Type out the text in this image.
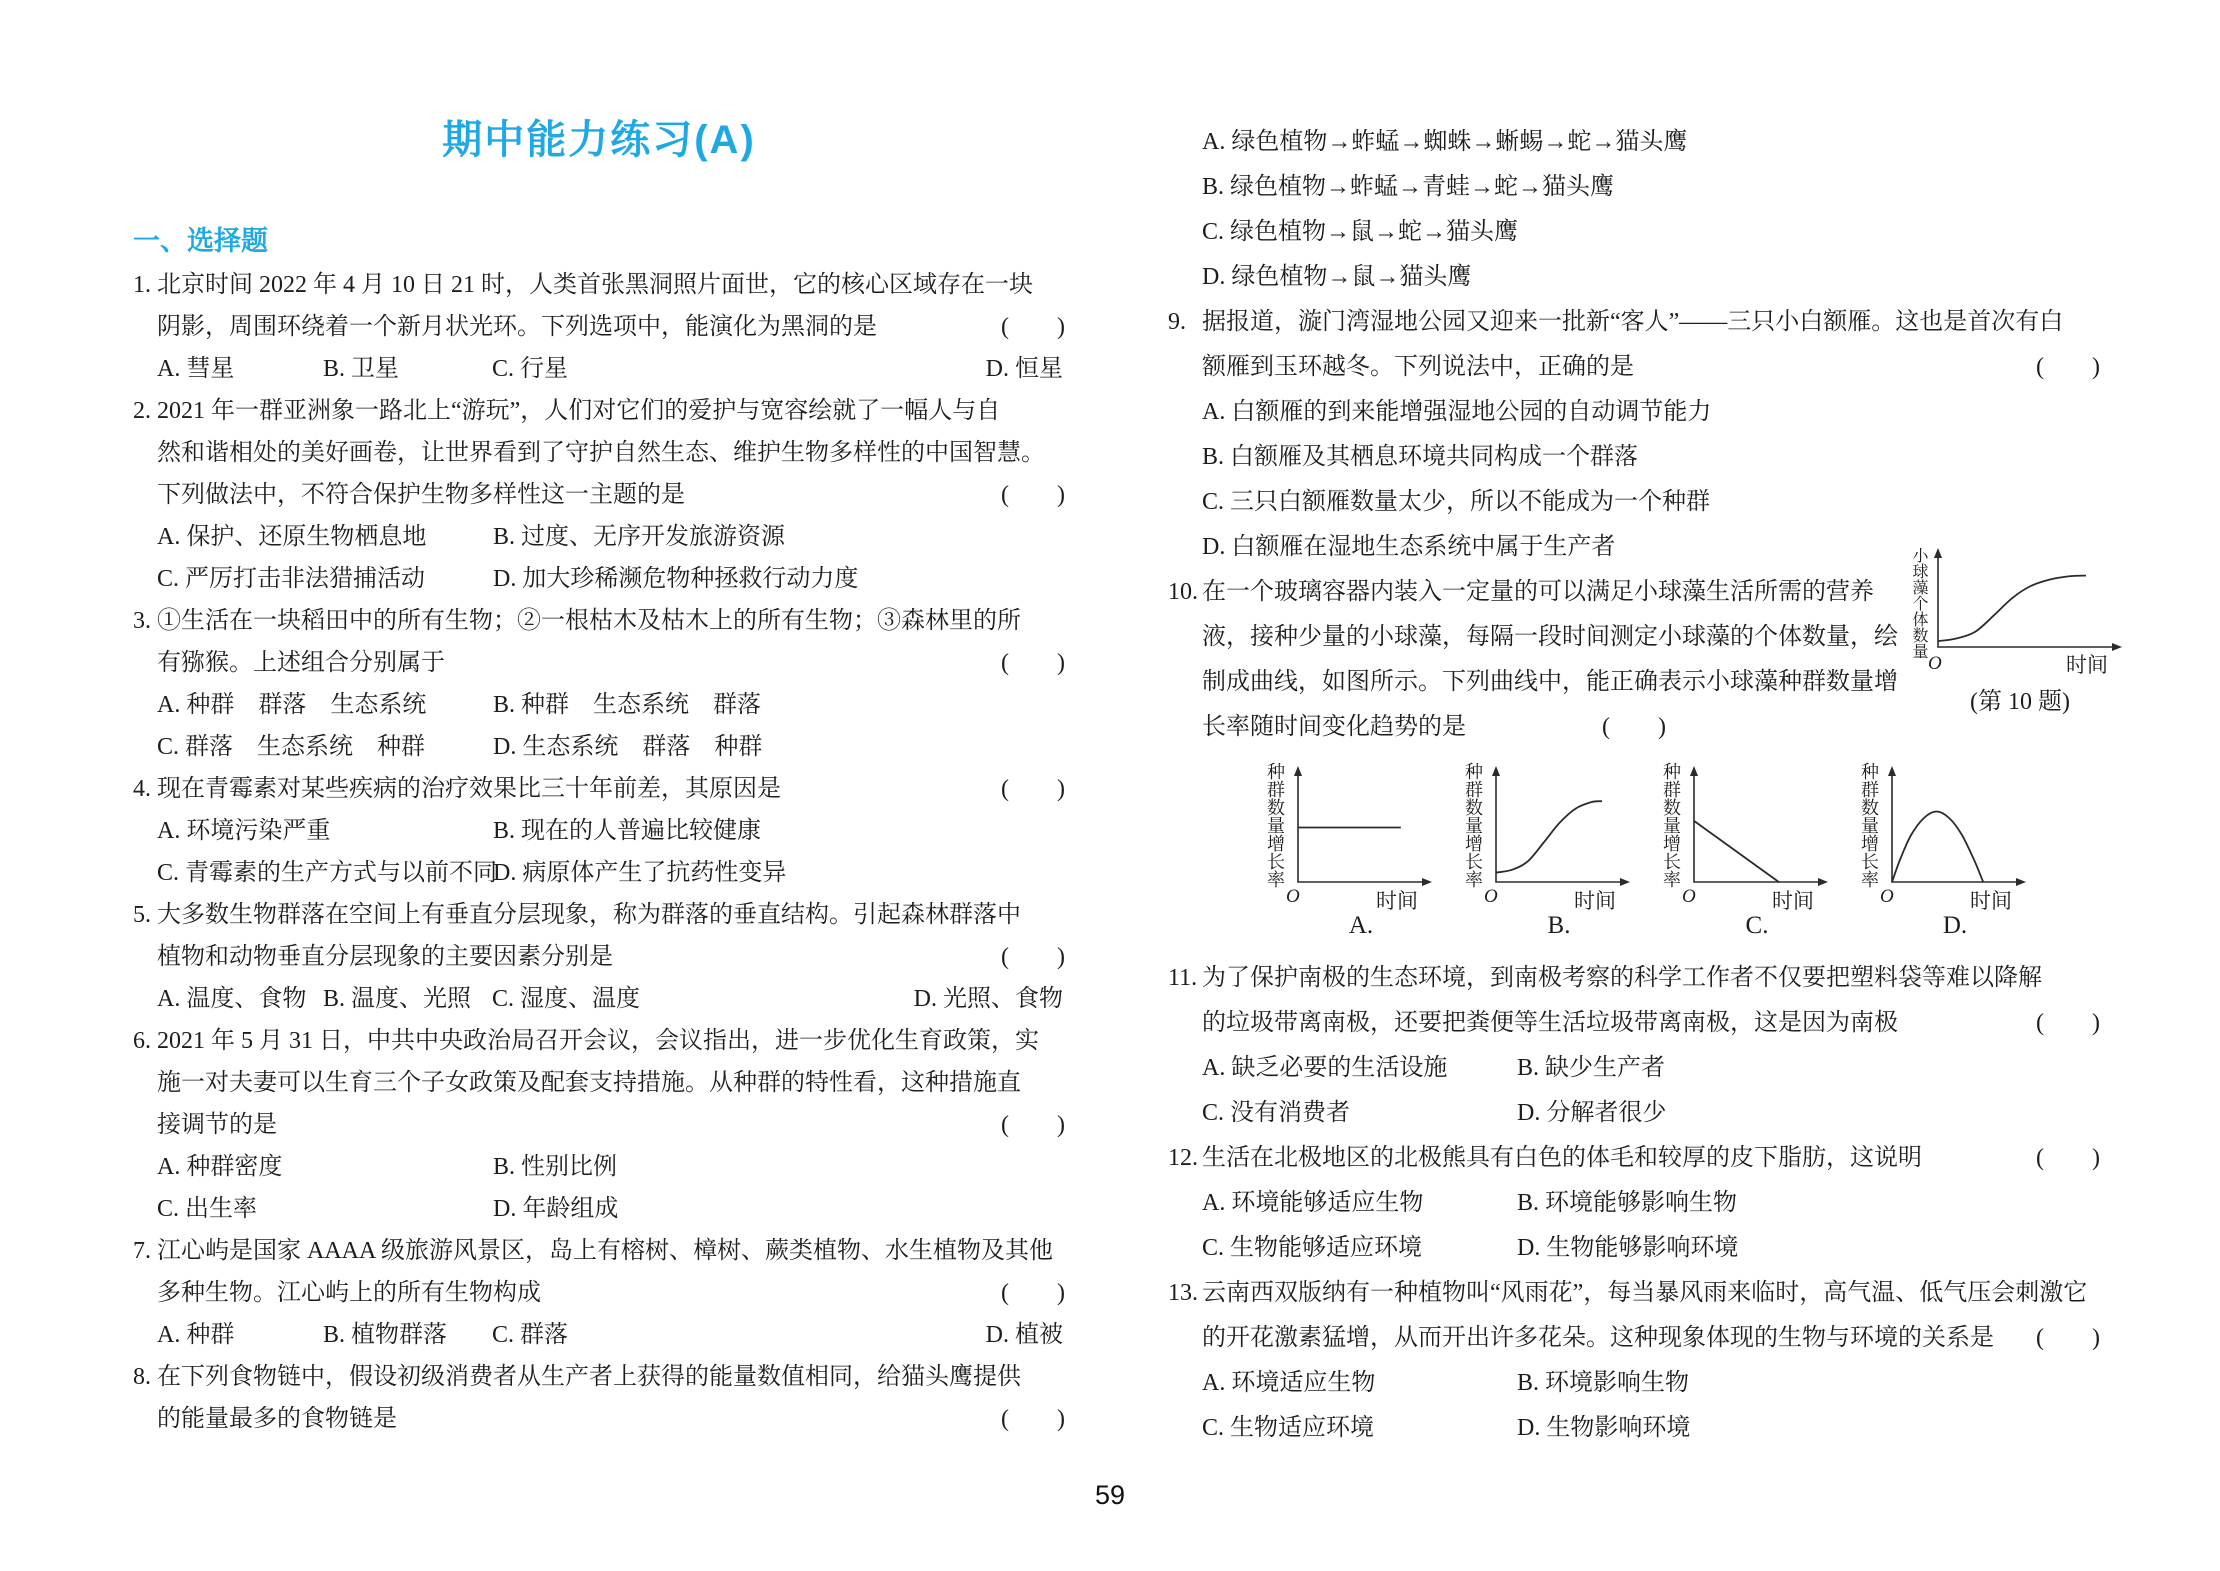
期中能力练习(A)
一、选择题
1. 北京时间 2022 年 4 月 10 日 21 时，人类首张黑洞照片面世，它的核心区域存在一块
阴影，周围环绕着一个新月状光环。下列选项中，能演化为黑洞的是	(　　)
A. 彗星	B. 卫星	C. 行星	D. 恒星
2. 2021 年一群亚洲象一路北上“游玩”，人们对它们的爱护与宽容绘就了一幅人与自
然和谐相处的美好画卷，让世界看到了守护自然生态、维护生物多样性的中国智慧。
下列做法中，不符合保护生物多样性这一主题的是	(　　)
A. 保护、还原生物栖息地	B. 过度、无序开发旅游资源
C. 严厉打击非法猎捕活动	D. 加大珍稀濒危物种拯救行动力度
3. ①生活在一块稻田中的所有生物；②一根枯木及枯木上的所有生物；③森林里的所
有猕猴。上述组合分别属于	(　　)
A. 种群　群落　生态系统	B. 种群　生态系统　群落
C. 群落　生态系统　种群	D. 生态系统　群落　种群
4. 现在青霉素对某些疾病的治疗效果比三十年前差，其原因是	(　　)
A. 环境污染严重	B. 现在的人普遍比较健康
C. 青霉素的生产方式与以前不同
D. 病原体产生了抗药性变异
5. 大多数生物群落在空间上有垂直分层现象，称为群落的垂直结构。引起森林群落中
植物和动物垂直分层现象的主要因素分别是	(　　)
A. 温度、食物 B. 温度、光照 C. 湿度、温度	D. 光照、食物
6. 2021 年 5 月 31 日，中共中央政治局召开会议，会议指出，进一步优化生育政策，实
施一对夫妻可以生育三个子女政策及配套支持措施。从种群的特性看，这种措施直
接调节的是	(　　)
A. 种群密度	B. 性别比例
C. 出生率	D. 年龄组成
7. 江心屿是国家 AAAA 级旅游风景区，岛上有榕树、樟树、蕨类植物、水生植物及其他
多种生物。江心屿上的所有生物构成	(　　)
A. 种群	B. 植物群落 C. 群落	D. 植被
8. 在下列食物链中，假设初级消费者从生产者上获得的能量数值相同，给猫头鹰提供
的能量最多的食物链是	(　　)
A. 绿色植物→蚱蜢→蜘蛛→蜥蜴→蛇→猫头鹰
B. 绿色植物→蚱蜢→青蛙→蛇→猫头鹰
C. 绿色植物→鼠→蛇→猫头鹰
D. 绿色植物→鼠→猫头鹰
9. 据报道，漩门湾湿地公园又迎来一批新“客人”——三只小白额雁。这也是首次有白
额雁到玉环越冬。下列说法中，正确的是	(　　)
A. 白额雁的到来能增强湿地公园的自动调节能力
B. 白额雁及其栖息环境共同构成一个群落
C. 三只白额雁数量太少，所以不能成为一个种群
D. 白额雁在湿地生态系统中属于生产者
10. 在一个玻璃容器内装入一定量的可以满足小球藻生活所需的营养
液，接种少量的小球藻，每隔一段时间测定小球藻的个体数量，绘
制成曲线，如图所示。下列曲线中，能正确表示小球藻种群数量增
长率随时间变化趋势的是	(　　)
种群数量增长率
O	时间
A.
种群数量增长率
O	时间
B.
种群数量增长率
O	时间
C.
种群数量增长率
O	时间
D.
11. 为了保护南极的生态环境，到南极考察的科学工作者不仅要把塑料袋等难以降解
的垃圾带离南极，还要把粪便等生活垃圾带离南极，这是因为南极	(　　)
A. 缺乏必要的生活设施	B. 缺少生产者
C. 没有消费者	D. 分解者很少
12. 生活在北极地区的北极熊具有白色的体毛和较厚的皮下脂肪，这说明	(　　)
A. 环境能够适应生物	B. 环境能够影响生物
C. 生物能够适应环境	D. 生物能够影响环境
13. 云南西双版纳有一种植物叫“风雨花”，每当暴风雨来临时，高气温、低气压会刺激它
的开花激素猛增，从而开出许多花朵。这种现象体现的生物与环境的关系是 (　　)
A. 环境适应生物	B. 环境影响生物
C. 生物适应环境	D. 生物影响环境
小球藻个体数量
O	时间
(第 10 题)
59
